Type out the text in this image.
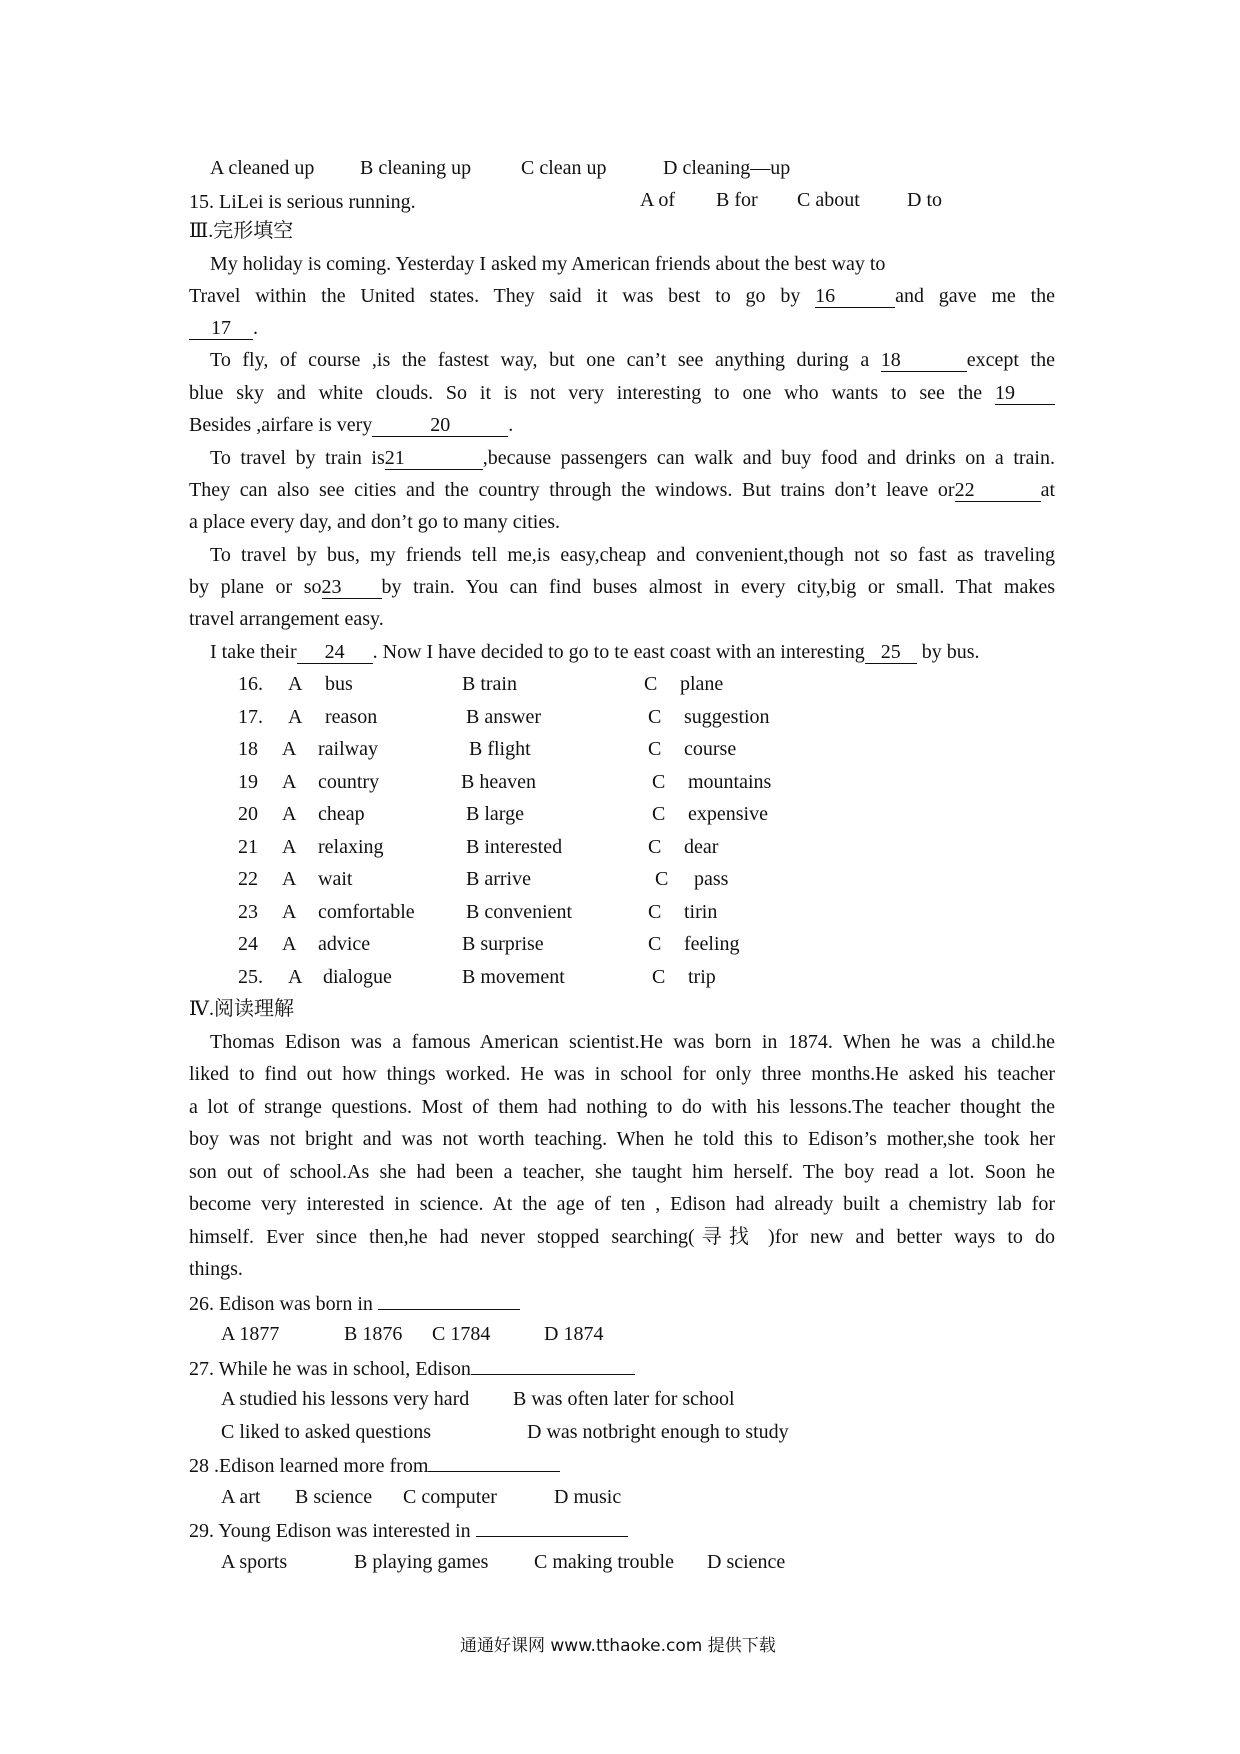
A cleaned up B cleaning up C clean up	D cleaning—up
15. LiLei is serious
running.	A of B for C about D to
Ⅲ.完形填空
My holiday is coming. Yesterday I asked my American friends about the best way to
Travel within the United states. They said it was best to go by 16	and gave me the
17 .
To fly, of course ,is the fastest way, but one can’t see anything during a 18	except the
blue sky and white clouds. So it is not very interesting to one who wants to see the 19
Besides ,airfare is very	20	.
To travel by train is21	,because passengers can walk and buy food and drinks on a train.
They can also see cities and the country through the windows. But trains don’t leave or22	at
a place every day, and don’t go to many cities.
To travel by bus, my friends tell me,is easy,cheap and convenient,though not so fast as traveling
by plane or so23 by train. You can find buses almost in every city,big or small. That makes
travel arrangement easy.
I take their 24 . Now I have decided to go to te east coast with an interesting 25 by bus.
16. A bus	B train	C plane
17. A reason	B answer	C suggestion
18 A railway	B flight	C course
19 A country	B heaven	C mountains
20 A cheap	B large	C expensive
21 A relaxing	B interested	C dear
22 A wait	B arrive	C pass
23 A comfortable	B convenient	C tirin
24 A advice	B surprise	C feeling
25. A dialogue	B movement	C trip
Ⅳ.阅读理解
Thomas Edison was a famous American scientist.He was born in 1874. When he was a child.he
liked to find out how things worked. He was in school for only three months.He asked his teacher
a lot of strange questions. Most of them had nothing to do with his lessons.The teacher thought the
boy was not bright and was not worth teaching. When he told this to Edison’s mother,she took her
son out of school.As she had been a teacher, she taught him herself. The boy read a lot. Soon he
become very interested in science. At the age of ten , Edison had already built a chemistry lab for
himself. Ever since then,he had never stopped searching(寻找 )for new and better ways to do
things.
26. Edison was born in
A 1877	B 1876 C 1784	D 1874
27. While he was in school, Edison
A studied his lessons very hard B was often later for school
C liked to asked questions	D was notbright enough to study
28 .Edison learned more from
A art B science C computer	D music
29. Young Edison was interested in
A sports	B playing games C making trouble D science
通通好课网 www.tthaoke.com 提供下载
